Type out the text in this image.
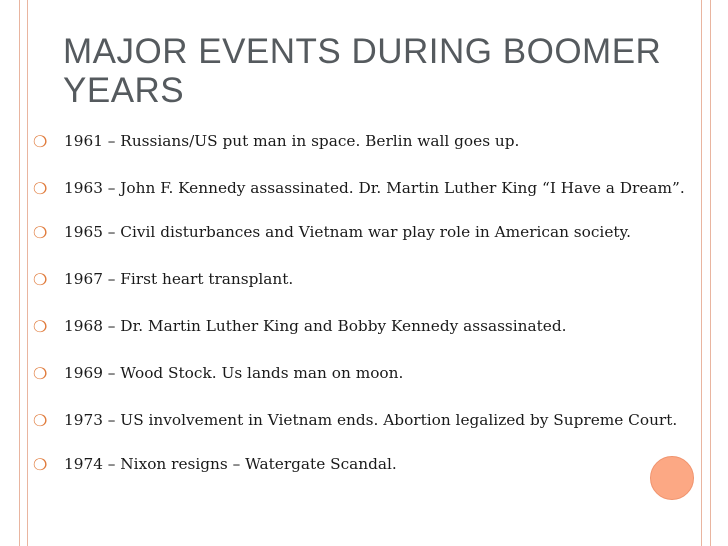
MAJOR EVENTS DURING BOOMER YEARS
❍ 1961 – Russians/US put man in space. Berlin wall goes up.
❍ 1963 – John F. Kennedy assassinated. Dr. Martin Luther King “I Have a Dream”.
❍ 1965 – Civil disturbances and Vietnam war play role in American society.
❍ 1967 – First heart transplant.
❍ 1968 – Dr. Martin Luther King and Bobby Kennedy assassinated.
❍ 1969 – Wood Stock. Us lands man on moon.
❍ 1973 – US involvement in Vietnam ends. Abortion legalized by Supreme Court.
❍ 1974 – Nixon resigns – Watergate Scandal.
